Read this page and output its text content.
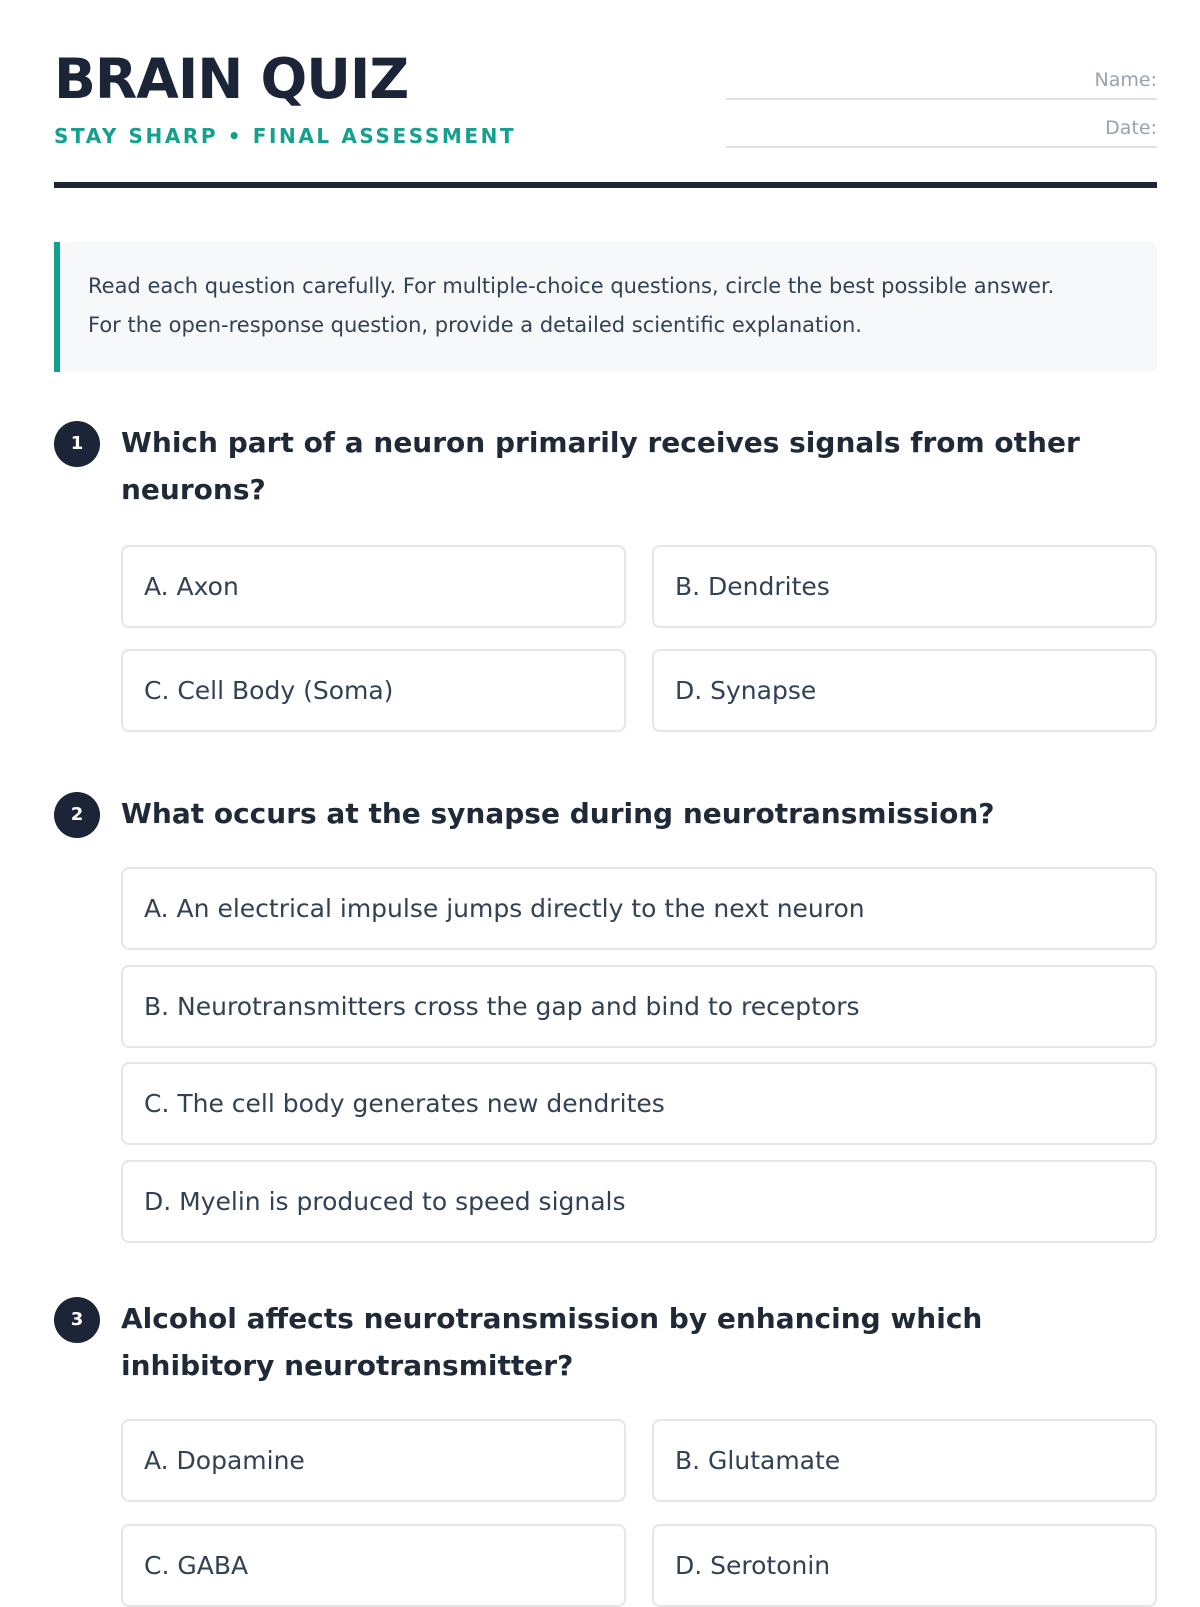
BRAIN QUIZ
STAY SHARP • FINAL ASSESSMENT
Name:
Date:
Read each question carefully. For multiple-choice questions, circle the best possible answer.
For the open-response question, provide a detailed scientific explanation.
1	Which part of a neuron primarily receives signals from other neurons?

A. Axon	B. Dendrites
C. Cell Body (Soma)	D. Synapse
2	What occurs at the synapse during neurotransmission?

A. An electrical impulse jumps directly to the next neuron
B. Neurotransmitters cross the gap and bind to receptors
C. The cell body generates new dendrites
D. Myelin is produced to speed signals
3	Alcohol affects neurotransmission by enhancing which inhibitory neurotransmitter?

A. Dopamine	B. Glutamate
C. GABA	D. Serotonin
